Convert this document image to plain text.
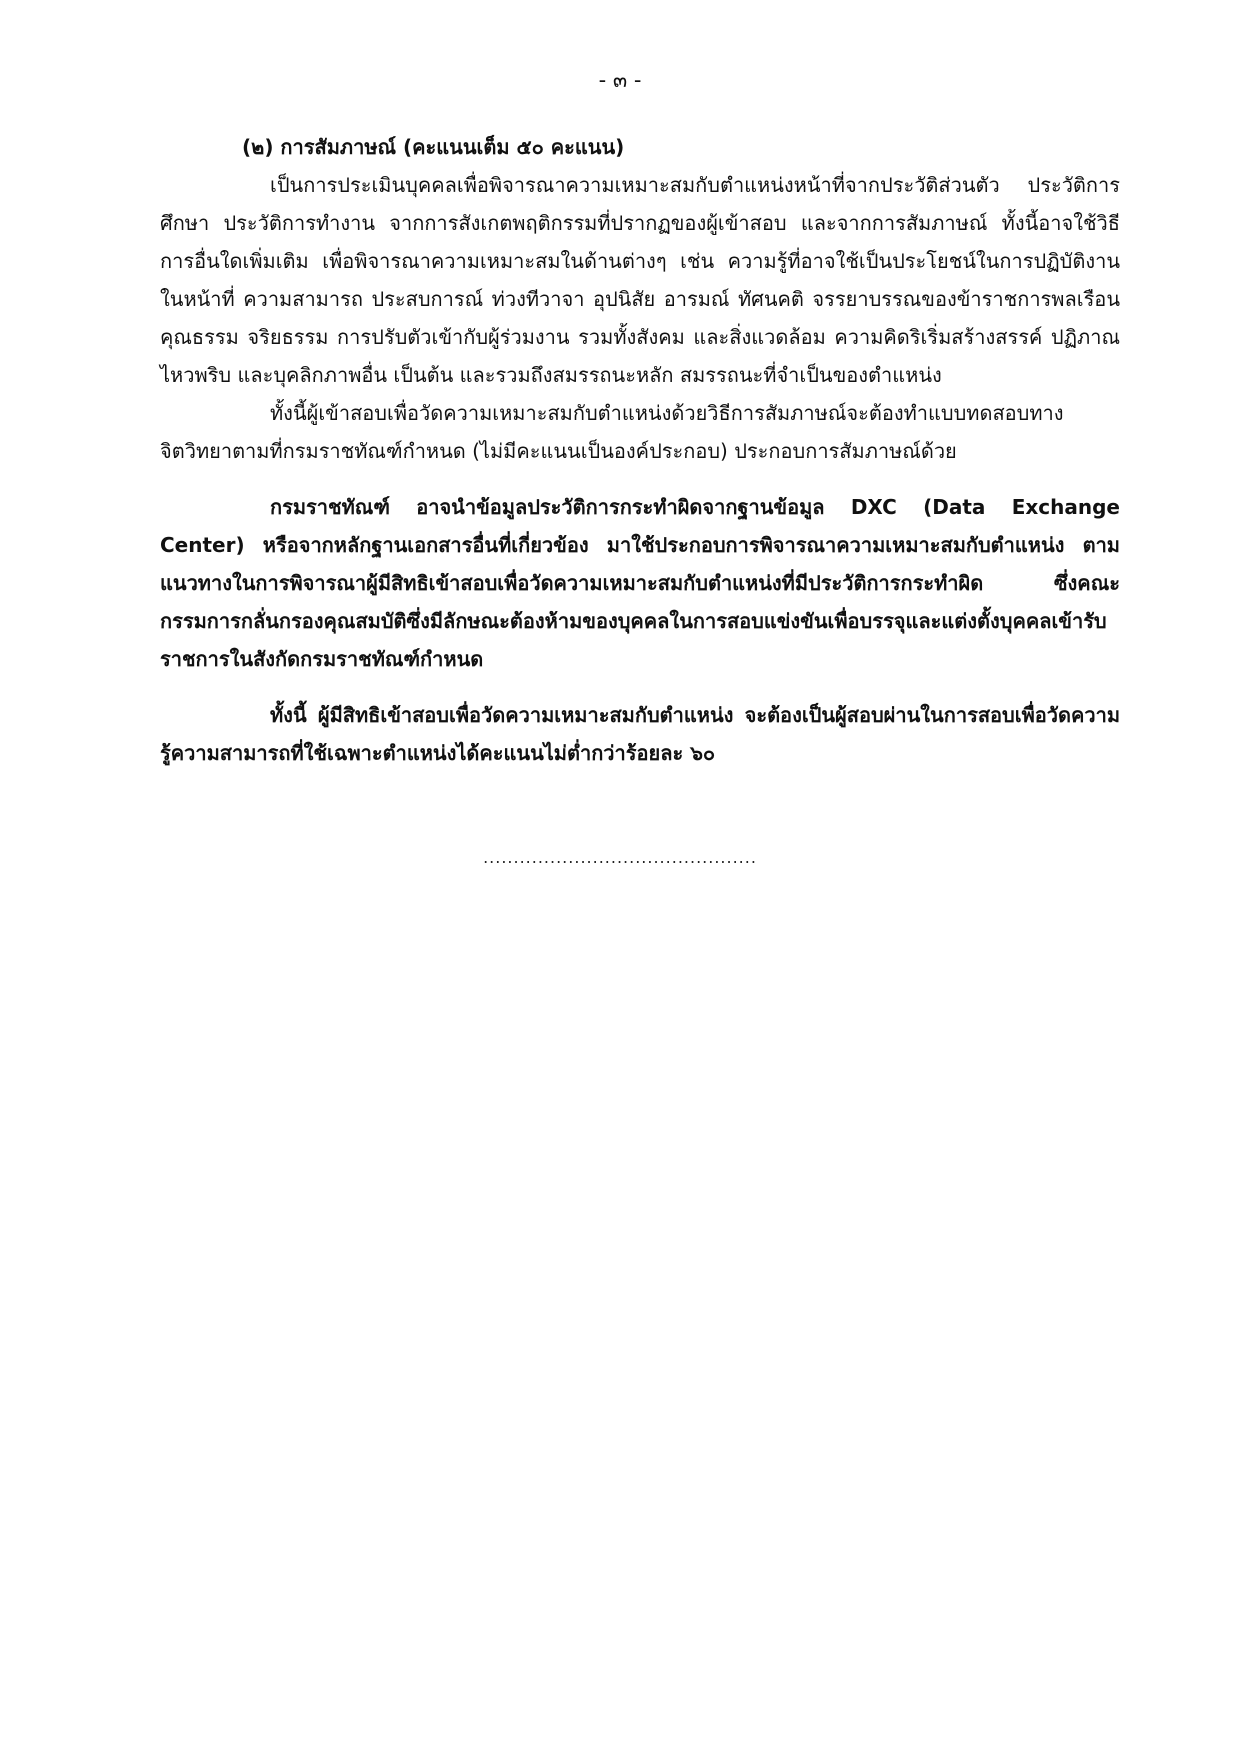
- ๓ -
(๒) การสัมภาษณ์ (คะแนนเต็ม ๕๐ คะแนน)

เป็นการประเมินบุคคลเพื่อพิจารณาความเหมาะสมกับตำแหน่งหน้าที่จากประวัติส่วนตัว ประวัติการศึกษา ประวัติการทำงาน จากการสังเกตพฤติกรรมที่ปรากฏของผู้เข้าสอบ และจากการสัมภาษณ์ ทั้งนี้อาจใช้วิธีการอื่นใดเพิ่มเติม เพื่อพิจารณาความเหมาะสมในด้านต่างๆ เช่น ความรู้ที่อาจใช้เป็นประโยชน์ในการปฏิบัติงานในหน้าที่ ความสามารถ ประสบการณ์ ท่วงทีวาจา อุปนิสัย อารมณ์ ทัศนคติ จรรยาบรรณของข้าราชการพลเรือน คุณธรรม จริยธรรม การปรับตัวเข้ากับผู้ร่วมงาน รวมทั้งสังคม และสิ่งแวดล้อม ความคิดริเริ่มสร้างสรรค์ ปฏิภาณ ไหวพริบ และบุคลิกภาพอื่น เป็นต้น และรวมถึงสมรรถนะหลัก สมรรถนะที่จำเป็นของตำแหน่ง

ทั้งนี้ผู้เข้าสอบเพื่อวัดความเหมาะสมกับตำแหน่งด้วยวิธีการสัมภาษณ์จะต้องทำแบบทดสอบทางจิตวิทยาตามที่กรมราชทัณฑ์กำหนด (ไม่มีคะแนนเป็นองค์ประกอบ) ประกอบการสัมภาษณ์ด้วย

กรมราชทัณฑ์ อาจนำข้อมูลประวัติการกระทำผิดจากฐานข้อมูล DXC (Data Exchange Center) หรือจากหลักฐานเอกสารอื่นที่เกี่ยวข้อง มาใช้ประกอบการพิจารณาความเหมาะสมกับตำแหน่ง ตามแนวทางในการพิจารณาผู้มีสิทธิเข้าสอบเพื่อวัดความเหมาะสมกับตำแหน่งที่มีประวัติการกระทำผิด ซึ่งคณะกรรมการกลั่นกรองคุณสมบัติซึ่งมีลักษณะต้องห้ามของบุคคลในการสอบแข่งขันเพื่อบรรจุและแต่งตั้งบุคคลเข้ารับราชการในสังกัดกรมราชทัณฑ์กำหนด

ทั้งนี้ ผู้มีสิทธิเข้าสอบเพื่อวัดความเหมาะสมกับตำแหน่ง จะต้องเป็นผู้สอบผ่านในการสอบเพื่อวัดความรู้ความสามารถที่ใช้เฉพาะตำแหน่งได้คะแนนไม่ต่ำกว่าร้อยละ ๖๐

.............................................
